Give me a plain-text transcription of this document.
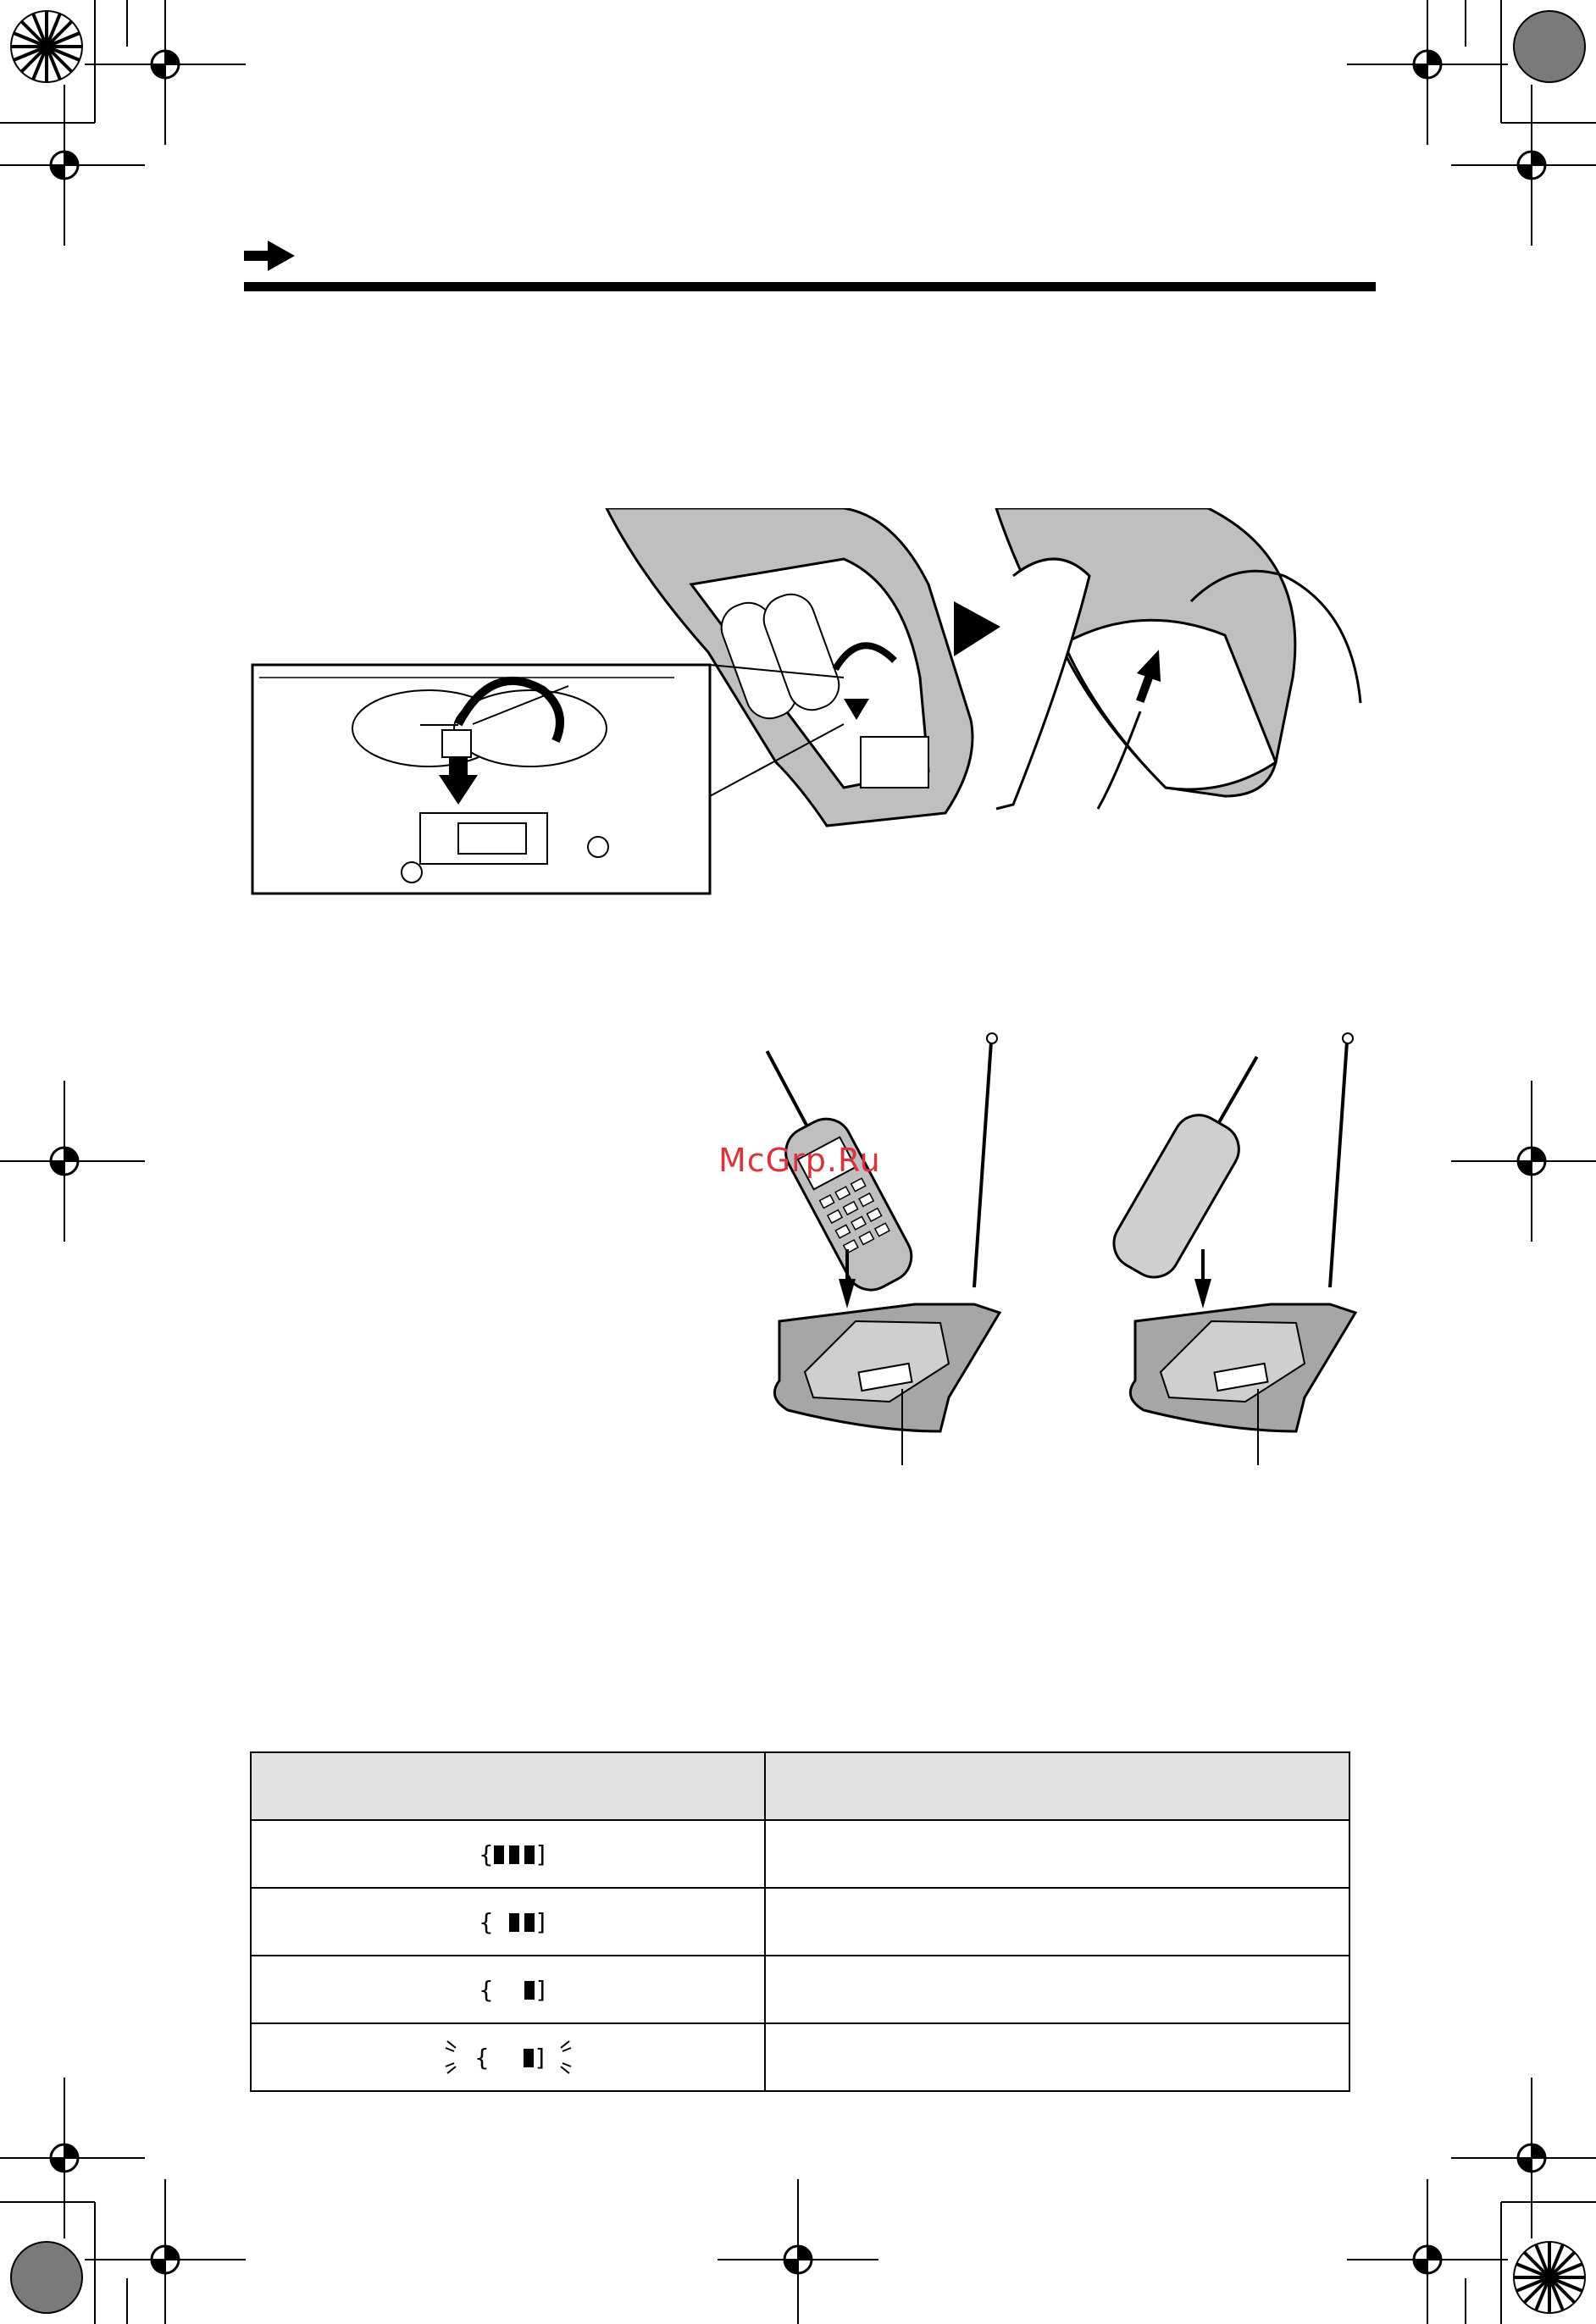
McGrp.Ru

{ ]	

{ ]	

{ ]	

{ ]	
